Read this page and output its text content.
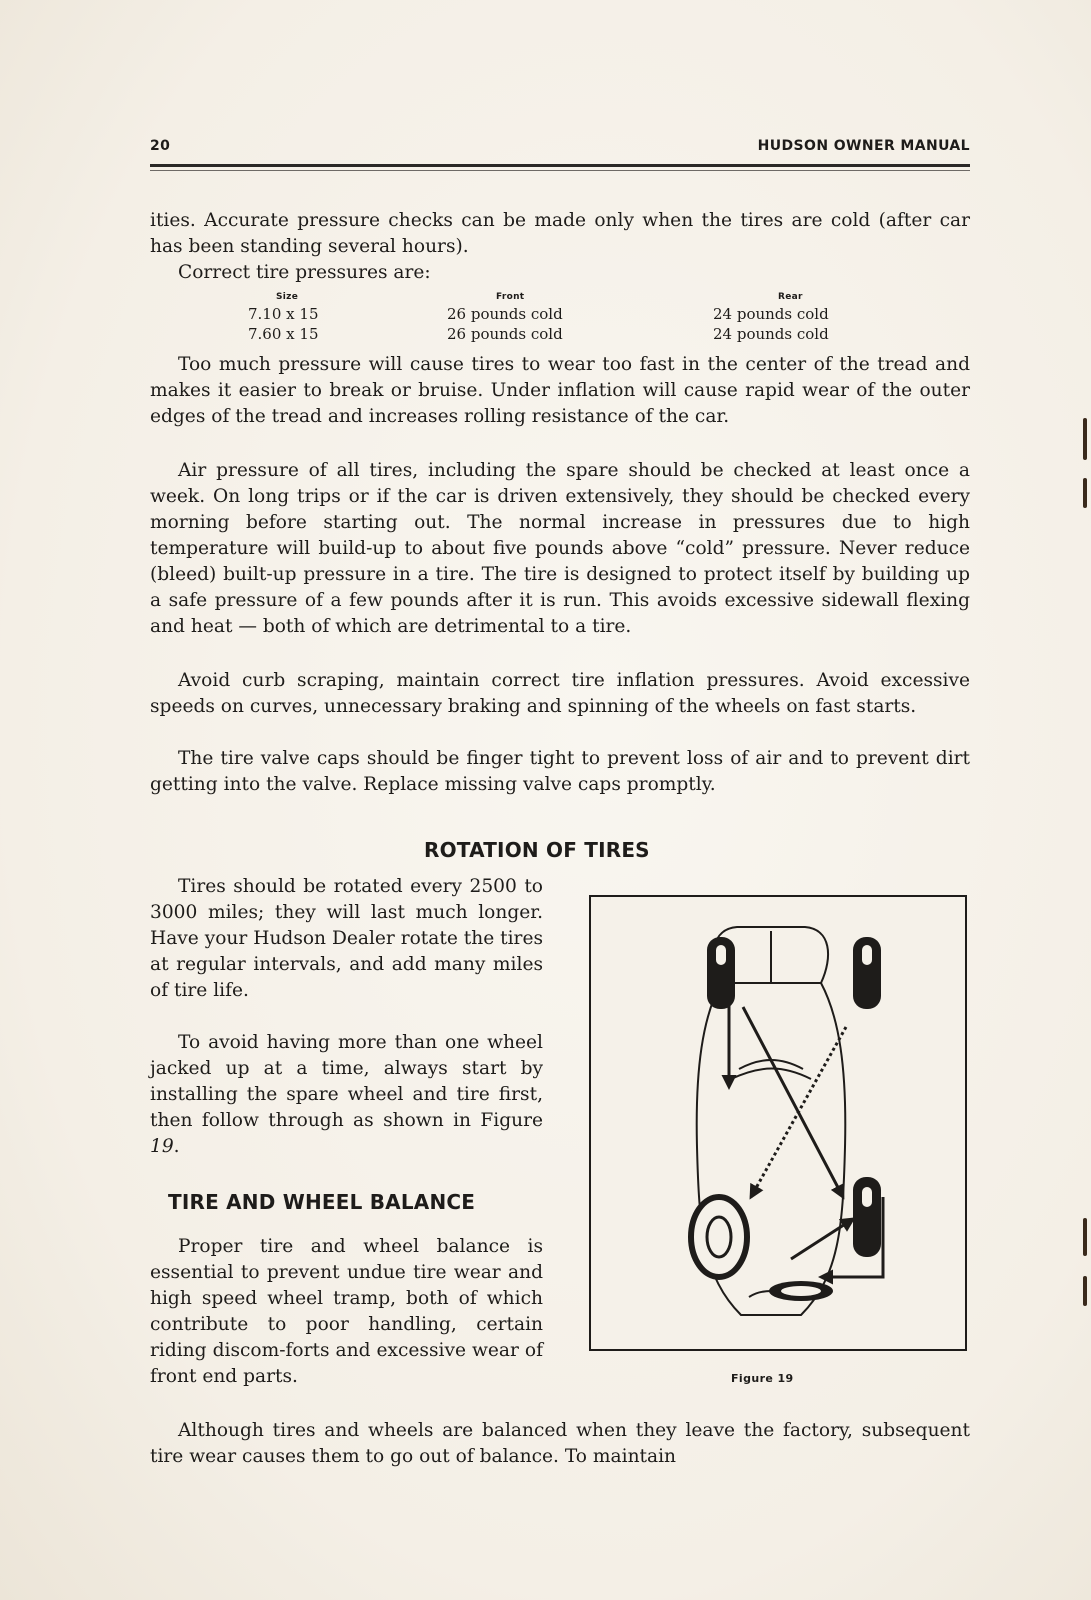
20	HUDSON OWNER MANUAL

ities. Accurate pressure checks can be made only when the tires are cold (after car has been standing several hours).

Correct tire pressures are:

Size	Front	Rear
7.10 x 15	26 pounds cold	24 pounds cold
7.60 x 15	26 pounds cold	24 pounds cold

Too much pressure will cause tires to wear too fast in the center of the tread and makes it easier to break or bruise. Under inflation will cause rapid wear of the outer edges of the tread and increases rolling resistance of the car.

Air pressure of all tires, including the spare should be checked at least once a week. On long trips or if the car is driven extensively, they should be checked every morning before starting out. The normal increase in pressures due to high temperature will build-up to about five pounds above “cold” pressure. Never reduce (bleed) built-up pressure in a tire. The tire is designed to protect itself by building up a safe pressure of a few pounds after it is run. This avoids excessive sidewall flexing and heat — both of which are detrimental to a tire.

Avoid curb scraping, maintain correct tire inflation pressures. Avoid excessive speeds on curves, unnecessary braking and spinning of the wheels on fast starts.

The tire valve caps should be finger tight to prevent loss of air and to prevent dirt getting into the valve. Replace missing valve caps promptly.

ROTATION OF TIRES

Tires should be rotated every 2500 to 3000 miles; they will last much longer. Have your Hudson Dealer rotate the tires at regular intervals, and add many miles of tire life.

To avoid having more than one wheel jacked up at a time, always start by installing the spare wheel and tire first, then follow through as shown in Figure 19.

TIRE AND WHEEL BALANCE

Proper tire and wheel balance is essential to prevent undue tire wear and high speed wheel tramp, both of which contribute to poor handling, certain riding discom-forts and excessive wear of front end parts.

Although tires and wheels are balanced when they leave the factory, subsequent tire wear causes them to go out of balance. To maintain

Figure 19
